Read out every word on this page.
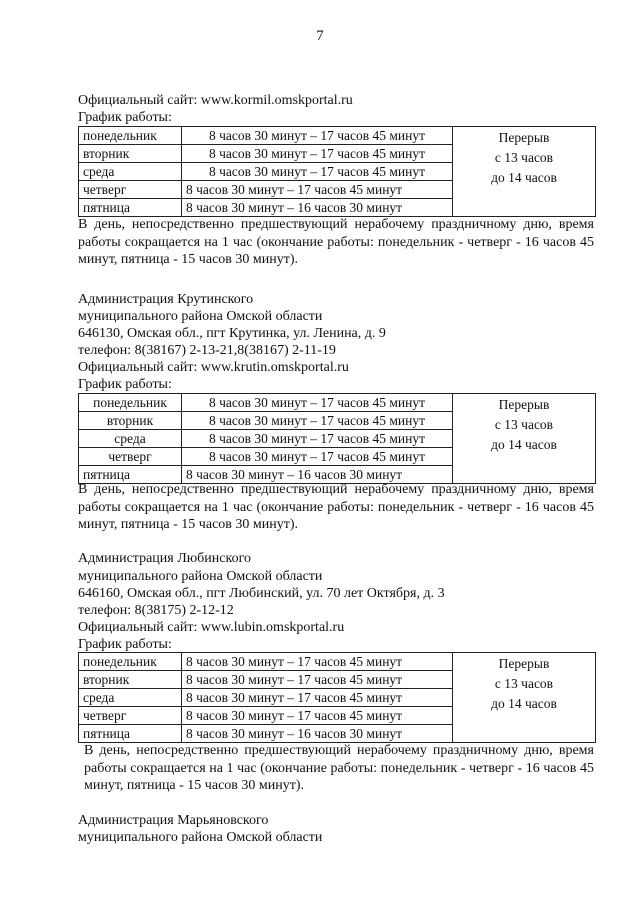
7
Официальный сайт: www.kormil.omskportal.ru
График работы:
понедельник	8 часов 30 минут – 17 часов 45 минут	Перерыв
с 13 часов
до 14 часов

вторник	8 часов 30 минут – 17 часов 45 минут	
среда	8 часов 30 минут – 17 часов 45 минут	
четверг	8 часов 30 минут – 17 часов 45 минут	
пятница	8 часов 30 минут – 16 часов 30 минут	
В день, непосредственно предшествующий нерабочему праздничному дню, время работы сокращается на 1 час (окончание работы: понедельник - четверг - 16 часов 45 минут, пятница - 15 часов 30 минут).
Администрация Крутинского
муниципального района Омской области
646130, Омская обл., пгт Крутинка, ул. Ленина, д. 9
телефон: 8(38167) 2-13-21,8(38167) 2-11-19
Официальный сайт: www.krutin.omskportal.ru
График работы:
понедельник	8 часов 30 минут – 17 часов 45 минут	Перерыв
с 13 часов
до 14 часов

вторник	8 часов 30 минут – 17 часов 45 минут	
среда	8 часов 30 минут – 17 часов 45 минут	
четверг	8 часов 30 минут – 17 часов 45 минут	
пятница	8 часов 30 минут – 16 часов 30 минут	
В день, непосредственно предшествующий нерабочему праздничному дню, время работы сокращается на 1 час (окончание работы: понедельник - четверг - 16 часов 45 минут, пятница - 15 часов 30 минут).
Администрация Любинского
муниципального района Омской области
646160, Омская обл., пгт Любинский, ул. 70 лет Октября, д. 3
телефон: 8(38175) 2-12-12
Официальный сайт: www.lubin.omskportal.ru
График работы:
понедельник	8 часов 30 минут – 17 часов 45 минут	Перерыв
с 13 часов
до 14 часов

вторник	8 часов 30 минут – 17 часов 45 минут	
среда	8 часов 30 минут – 17 часов 45 минут	
четверг	8 часов 30 минут – 17 часов 45 минут	
пятница	8 часов 30 минут – 16 часов 30 минут	
В день, непосредственно предшествующий нерабочему праздничному дню, время работы сокращается на 1 час (окончание работы: понедельник - четверг - 16 часов 45 минут, пятница - 15 часов 30 минут).
Администрация Марьяновского
муниципального района Омской области
